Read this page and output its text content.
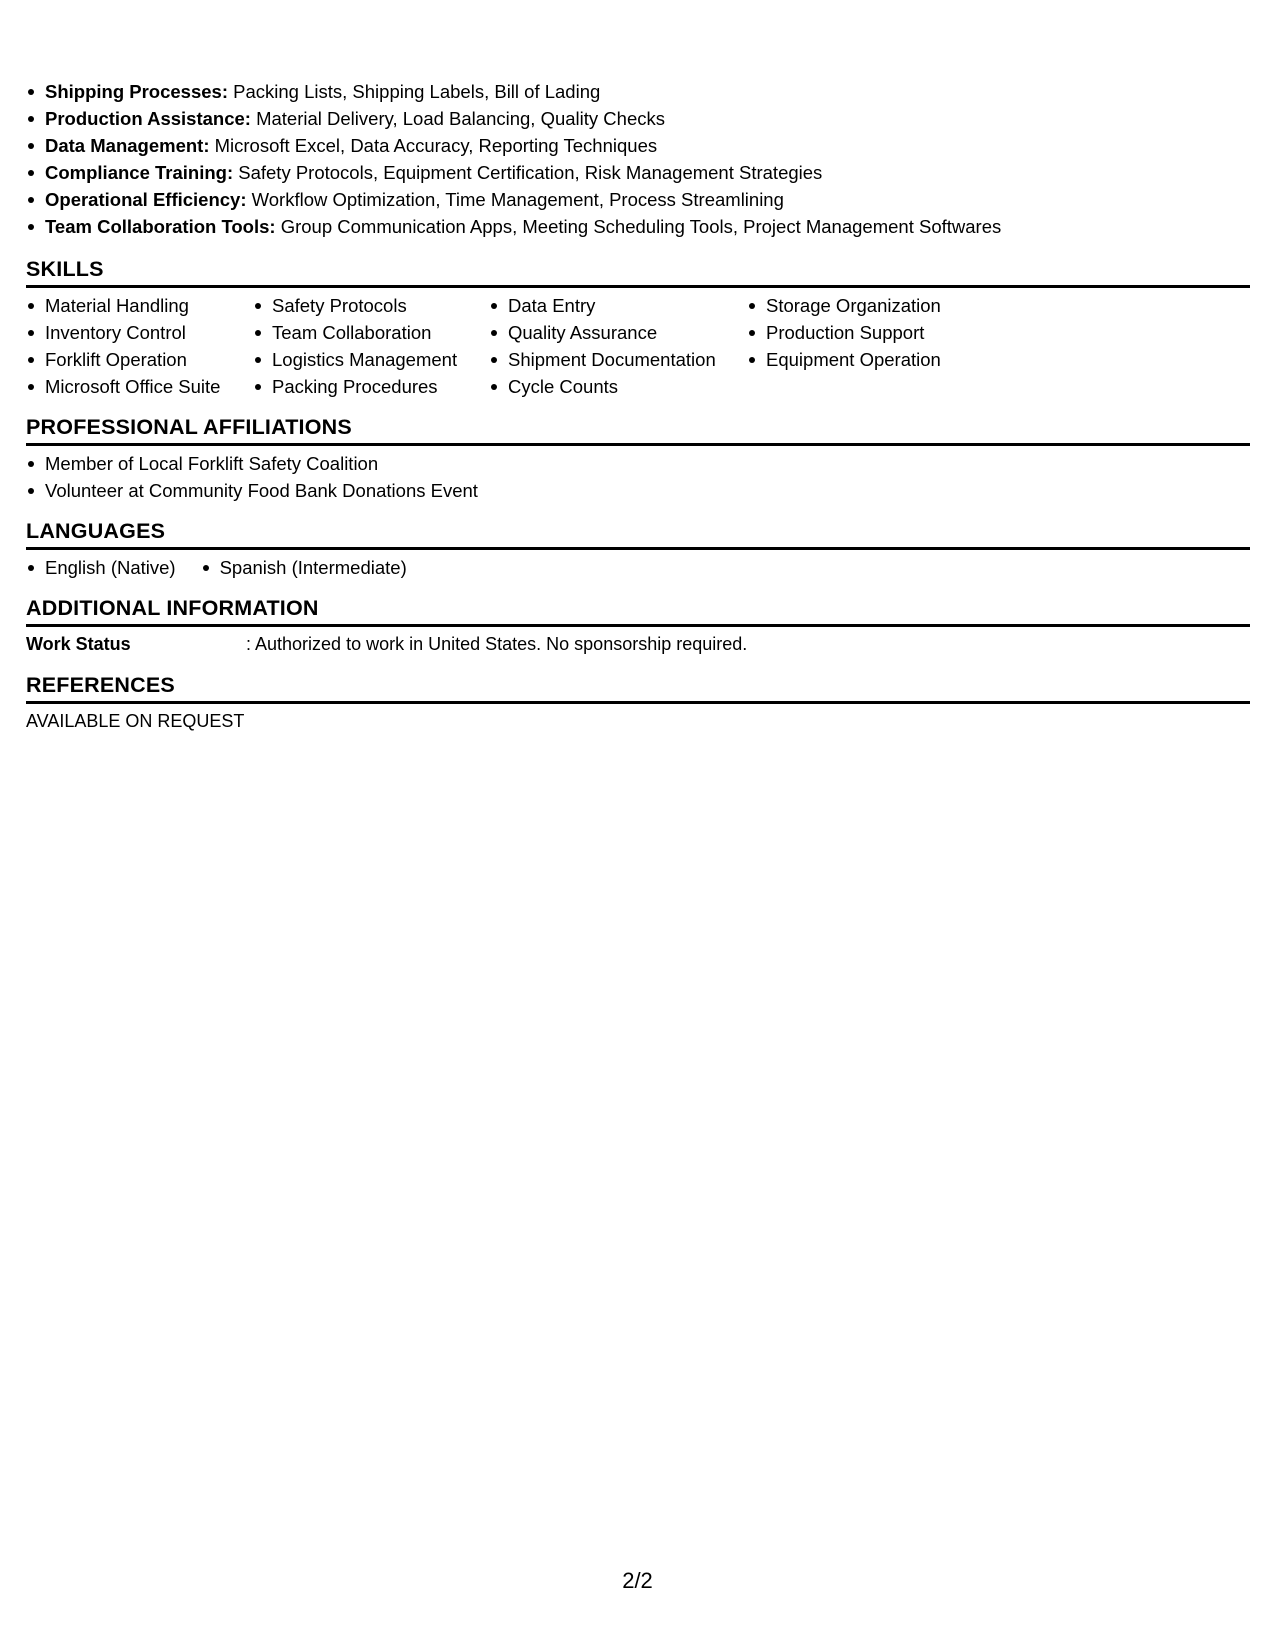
Shipping Processes: Packing Lists, Shipping Labels, Bill of Lading
Production Assistance: Material Delivery, Load Balancing, Quality Checks
Data Management: Microsoft Excel, Data Accuracy, Reporting Techniques
Compliance Training: Safety Protocols, Equipment Certification, Risk Management Strategies
Operational Efficiency: Workflow Optimization, Time Management, Process Streamlining
Team Collaboration Tools: Group Communication Apps, Meeting Scheduling Tools, Project Management Softwares
SKILLS
Material Handling
Inventory Control
Forklift Operation
Microsoft Office Suite
Safety Protocols
Team Collaboration
Logistics Management
Packing Procedures
Data Entry
Quality Assurance
Shipment Documentation
Cycle Counts
Storage Organization
Production Support
Equipment Operation
PROFESSIONAL AFFILIATIONS
Member of Local Forklift Safety Coalition
Volunteer at Community Food Bank Donations Event
LANGUAGES
English (Native)	Spanish (Intermediate)
ADDITIONAL INFORMATION
Work Status	: Authorized to work in United States. No sponsorship required.
REFERENCES
AVAILABLE ON REQUEST
2/2
